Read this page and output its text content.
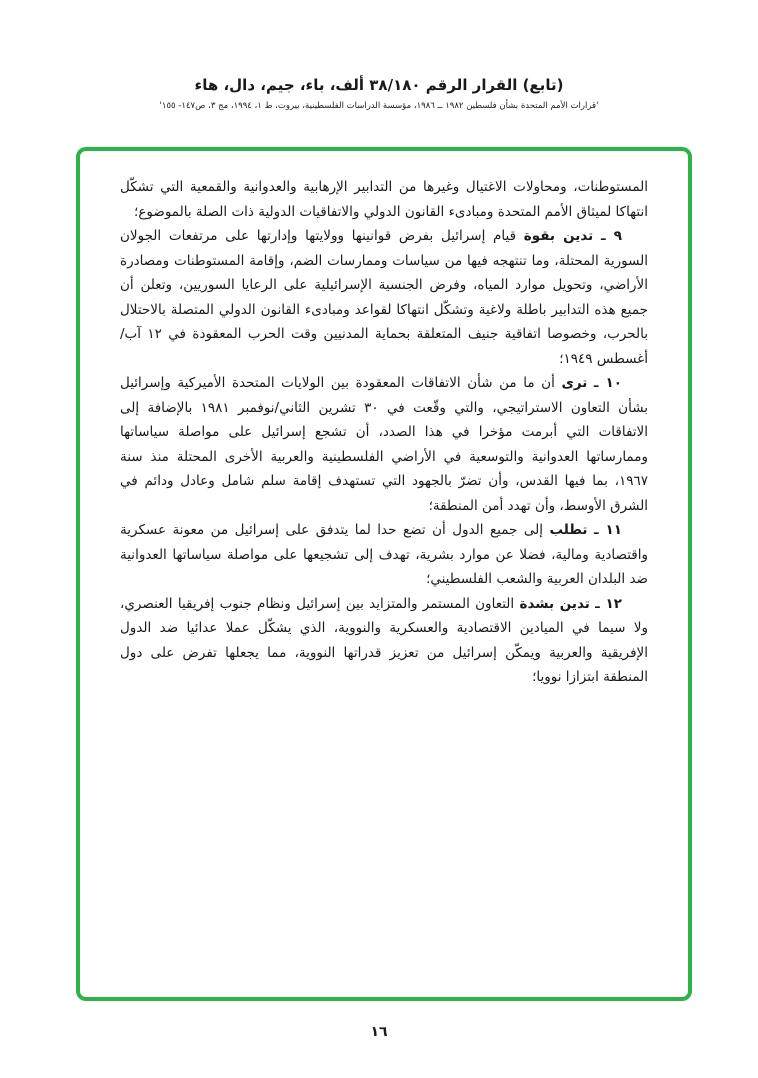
(تابع) القرار الرقم ٣٨/١٨٠ ألف، باء، جيم، دال، هاء
'قرارات الأمم المتحدة بشأن فلسطين ١٩٨٢ ــ ١٩٨٦، مؤسسة الدراسات الفلسطينية، بيروت، ط ١، ١٩٩٤، مج ٣، ص١٤٧- ١٥٥'

المستوطنات، ومحاولات الاغتيال وغيرها من التدابير الإرهابية والعدوانية والقمعية التي تشكّل انتهاكا لميثاق الأمم المتحدة ومبادىء القانون الدولي والاتفاقيات الدولية ذات الصلة بالموضوع؛

٩ ـ تدين بقوة قيام إسرائيل بفرض قوانينها وولايتها وإدارتها على مرتفعات الجولان السورية المحتلة، وما تنتهجه فيها من سياسات وممارسات الضم، وإقامة المستوطنات ومصادرة الأراضي، وتحويل موارد المياه، وفرض الجنسية الإسرائيلية على الرعايا السوريين، وتعلن أن جميع هذه التدابير باطلة ولاغية وتشكّل انتهاكا لقواعد ومبادىء القانون الدولي المتصلة بالاحتلال بالحرب، وخصوصا اتفاقية جنيف المتعلقة بحماية المدنيين وقت الحرب المعقودة في ١٢ آب/أغسطس ١٩٤٩؛

١٠ ـ ترى أن ما من شأن الاتفاقات المعقودة بين الولايات المتحدة الأميركية وإسرائيل بشأن التعاون الاستراتيجي، والتي وقّعت في ٣٠ تشرين الثاني/نوفمبر ١٩٨١ بالإضافة إلى الاتفاقات التي أبرمت مؤخرا في هذا الصدد، أن تشجع إسرائيل على مواصلة سياساتها وممارساتها العدوانية والتوسعية في الأراضي الفلسطينية والعربية الأخرى المحتلة منذ سنة ١٩٦٧، بما فيها القدس، وأن تضرّ بالجهود التي تستهدف إقامة سلم شامل وعادل ودائم في الشرق الأوسط، وأن تهدد أمن المنطقة؛

١١ ـ تطلب إلى جميع الدول أن تضع حدا لما يتدفق على إسرائيل من معونة عسكرية واقتصادية ومالية، فضلا عن موارد بشرية، تهدف إلى تشجيعها على مواصلة سياساتها العدوانية ضد البلدان العربية والشعب الفلسطيني؛

١٢ ـ تدين بشدة التعاون المستمر والمتزايد بين إسرائيل ونظام جنوب إفريقيا العنصري، ولا سيما في الميادين الاقتصادية والعسكرية والنووية، الذي يشكّل عملا عدائيا ضد الدول الإفريقية والعربية ويمكّن إسرائيل من تعزيز قدراتها النووية، مما يجعلها تفرض على دول المنطقة ابتزازا نوويا؛

١٦
